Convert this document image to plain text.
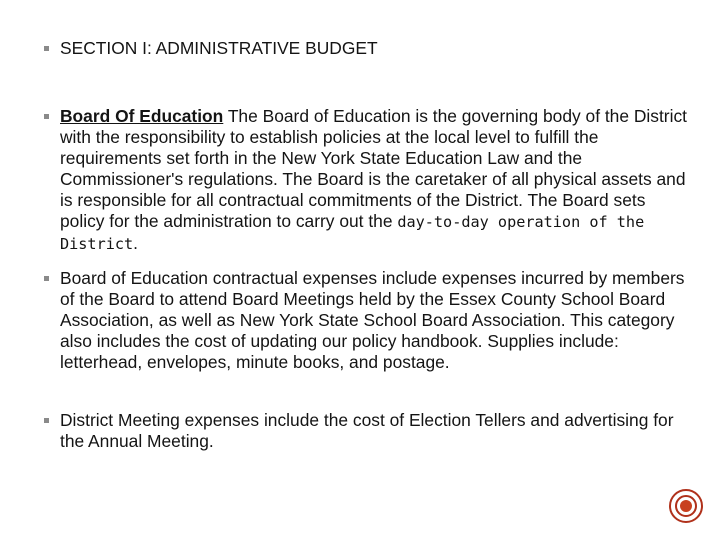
SECTION I: ADMINISTRATIVE BUDGET
Board Of Education The Board of Education is the governing body of the District with the responsibility to establish policies at the local level to fulfill the requirements set forth in the New York State Education Law and the Commissioner's regulations. The Board is the caretaker of all physical assets and is responsible for all contractual commitments of the District. The Board sets policy for the administration to carry out the day-to-day operation of the District.
Board of Education contractual expenses include expenses incurred by members of the Board to attend Board Meetings held by the Essex County School Board Association, as well as New York State School Board Association. This category also includes the cost of updating our policy handbook. Supplies include: letterhead, envelopes, minute books, and postage.
District Meeting expenses include the cost of Election Tellers and advertising for the Annual Meeting.
